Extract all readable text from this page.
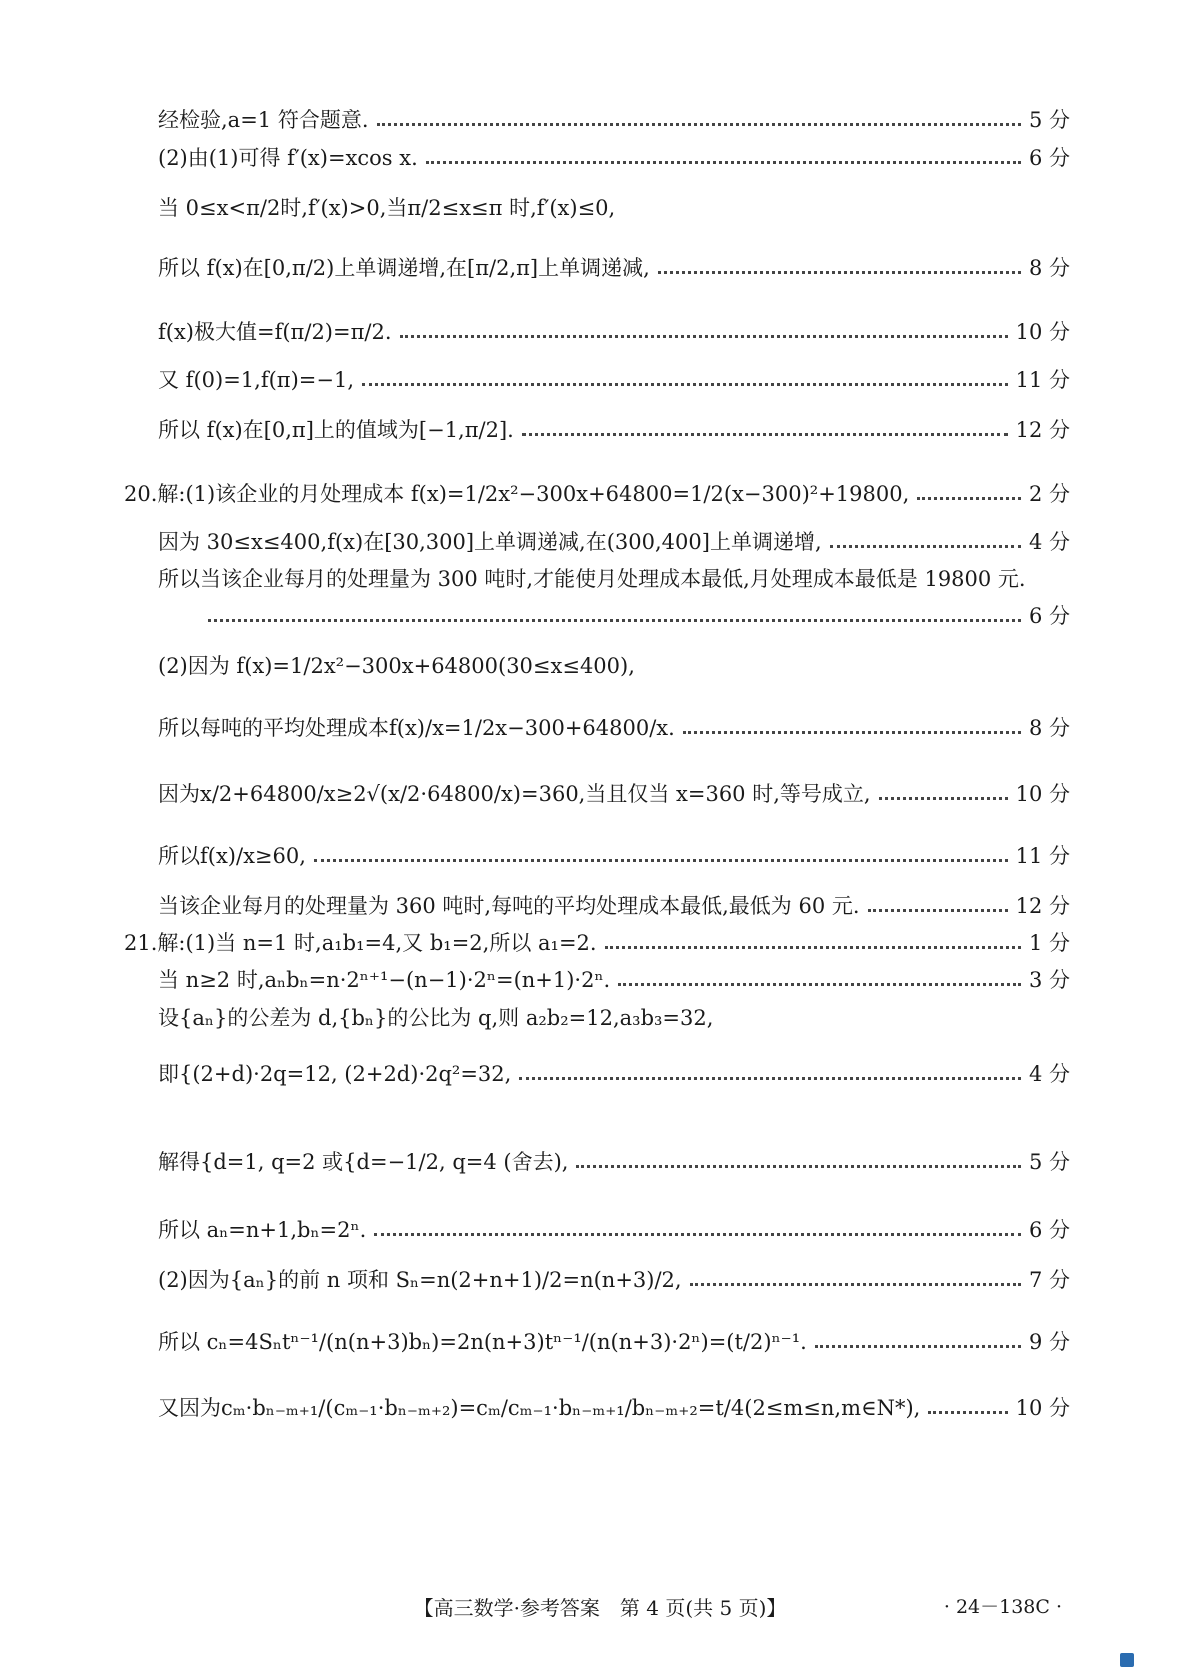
经检验,a=1 符合题意.	5 分
(2)由(1)可得 f′(x)=xcos x.	6 分
当 0≤x<π/2时,f′(x)>0,当π/2≤x≤π 时,f′(x)≤0,
所以 f(x)在[0,π/2)上单调递增,在[π/2,π]上单调递减,	8 分
f(x)极大值=f(π/2)=π/2.	10 分
又 f(0)=1,f(π)=−1,	11 分
所以 f(x)在[0,π]上的值域为[−1,π/2].	12 分
20.解:(1)该企业的月处理成本 f(x)=1/2x²−300x+64800=1/2(x−300)²+19800,	2 分
因为 30≤x≤400,f(x)在[30,300]上单调递减,在(300,400]上单调递增,	4 分
所以当该企业每月的处理量为 300 吨时,才能使月处理成本最低,月处理成本最低是 19800 元.
6 分
(2)因为 f(x)=1/2x²−300x+64800(30≤x≤400),
所以每吨的平均处理成本f(x)/x=1/2x−300+64800/x.	8 分
因为x/2+64800/x≥2√(x/2·64800/x)=360,当且仅当 x=360 时,等号成立,	10 分
所以f(x)/x≥60,	11 分
当该企业每月的处理量为 360 吨时,每吨的平均处理成本最低,最低为 60 元.	12 分
21.解:(1)当 n=1 时,a₁b₁=4,又 b₁=2,所以 a₁=2.	1 分
当 n≥2 时,aₙbₙ=n·2ⁿ⁺¹−(n−1)·2ⁿ=(n+1)·2ⁿ.	3 分
设{aₙ}的公差为 d,{bₙ}的公比为 q,则 a₂b₂=12,a₃b₃=32,
即{(2+d)·2q=12, (2+2d)·2q²=32,	4 分
解得{d=1, q=2 或{d=−1/2, q=4 (舍去),	5 分
所以 aₙ=n+1,bₙ=2ⁿ.	6 分
(2)因为{aₙ}的前 n 项和 Sₙ=n(2+n+1)/2=n(n+3)/2,	7 分
所以 cₙ=4Sₙtⁿ⁻¹/(n(n+3)bₙ)=2n(n+3)tⁿ⁻¹/(n(n+3)·2ⁿ)=(t/2)ⁿ⁻¹.	9 分
又因为cₘ·bₙ₋ₘ₊₁/(cₘ₋₁·bₙ₋ₘ₊₂)=cₘ/cₘ₋₁·bₙ₋ₘ₊₁/bₙ₋ₘ₊₂=t/4(2≤m≤n,m∈N*),	10 分
【高三数学·参考答案　第 4 页(共 5 页)】	· 24－138C ·
